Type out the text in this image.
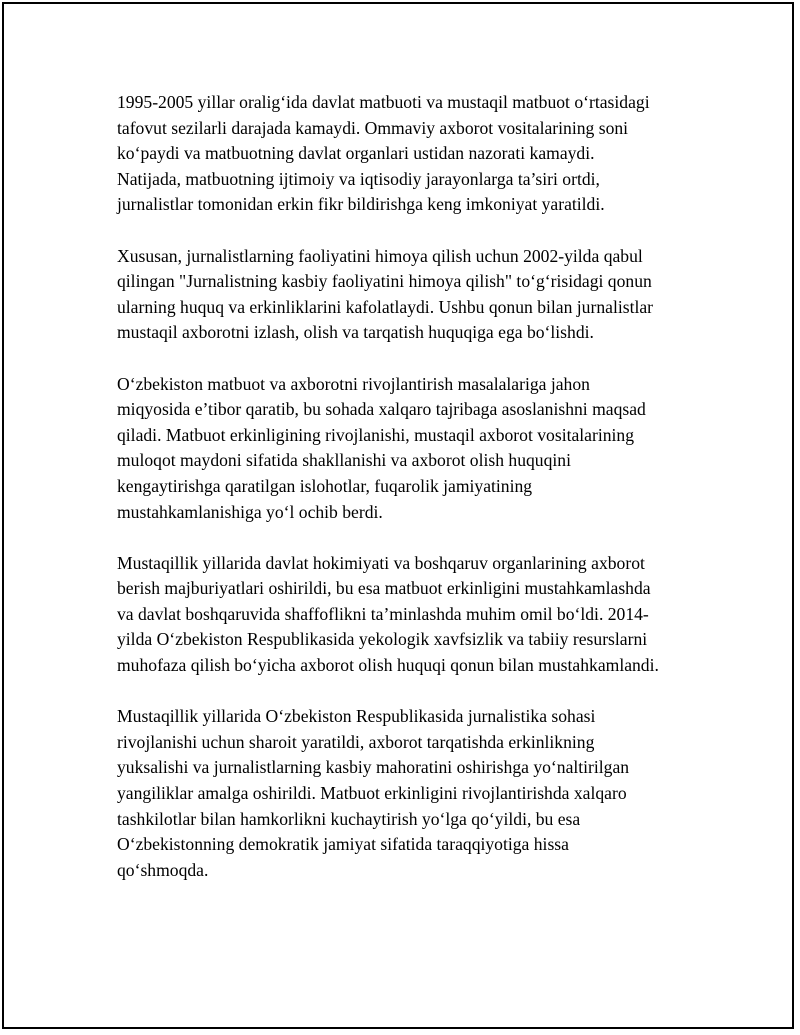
1995-2005 yillar oralig‘ida davlat matbuoti va mustaqil matbuot o‘rtasidagi
tafovut sezilarli darajada kamaydi. Ommaviy axborot vositalarining soni
ko‘paydi va matbuotning davlat organlari ustidan nazorati kamaydi.
Natijada, matbuotning ijtimoiy va iqtisodiy jarayonlarga ta’siri ortdi,
jurnalistlar tomonidan erkin fikr bildirishga keng imkoniyat yaratildi.

Xususan, jurnalistlarning faoliyatini himoya qilish uchun 2002-yilda qabul
qilingan "Jurnalistning kasbiy faoliyatini himoya qilish" to‘g‘risidagi qonun
ularning huquq va erkinliklarini kafolatlaydi. Ushbu qonun bilan jurnalistlar
mustaqil axborotni izlash, olish va tarqatish huquqiga ega bo‘lishdi.

O‘zbekiston matbuot va axborotni rivojlantirish masalalariga jahon
miqyosida e’tibor qaratib, bu sohada xalqaro tajribaga asoslanishni maqsad
qiladi. Matbuot erkinligining rivojlanishi, mustaqil axborot vositalarining
muloqot maydoni sifatida shakllanishi va axborot olish huquqini
kengaytirishga qaratilgan islohotlar, fuqarolik jamiyatining
mustahkamlanishiga yo‘l ochib berdi.

Mustaqillik yillarida davlat hokimiyati va boshqaruv organlarining axborot
berish majburiyatlari oshirildi, bu esa matbuot erkinligini mustahkamlashda
va davlat boshqaruvida shaffoflikni ta’minlashda muhim omil bo‘ldi. 2014-
yilda O‘zbekiston Respublikasida yekologik xavfsizlik va tabiiy resurslarni
muhofaza qilish bo‘yicha axborot olish huquqi qonun bilan mustahkamlandi.

Mustaqillik yillarida O‘zbekiston Respublikasida jurnalistika sohasi
rivojlanishi uchun sharoit yaratildi, axborot tarqatishda erkinlikning
yuksalishi va jurnalistlarning kasbiy mahoratini oshirishga yo‘naltirilgan
yangiliklar amalga oshirildi. Matbuot erkinligini rivojlantirishda xalqaro
tashkilotlar bilan hamkorlikni kuchaytirish yo‘lga qo‘yildi, bu esa
O‘zbekistonning demokratik jamiyat sifatida taraqqiyotiga hissa
qo‘shmoqda.
